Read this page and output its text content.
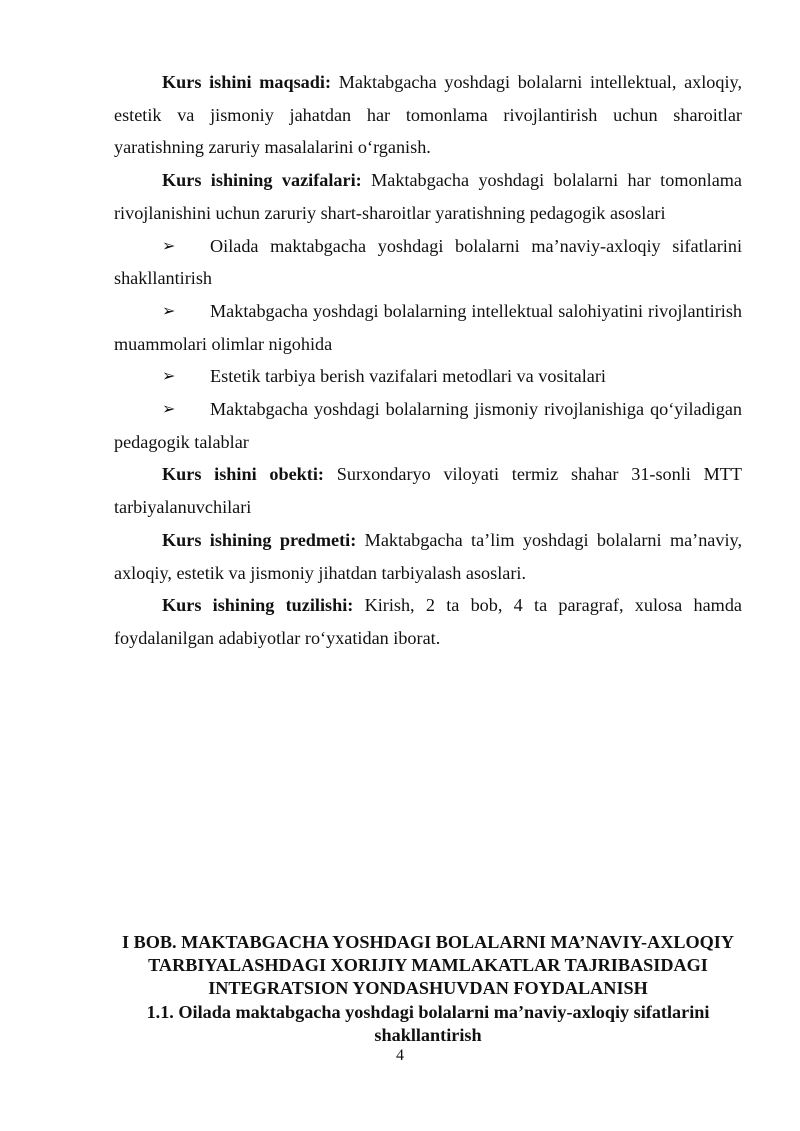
Kurs ishini maqsadi: Maktabgacha yoshdagi bolalarni intellektual, axloqiy, estetik va jismoniy jahatdan har tomonlama rivojlantirish uchun sharoitlar yaratishning zaruriy masalalarini o‘rganish.

Kurs ishining vazifalari: Maktabgacha yoshdagi bolalarni har tomonlama rivojlanishini uchun zaruriy shart-sharoitlar yaratishning pedagogik asoslari

➢ Oilada maktabgacha yoshdagi bolalarni ma’naviy-axloqiy sifatlarini shakllantirish

➢ Maktabgacha yoshdagi bolalarning intellektual salohiyatini rivojlantirish muammolari olimlar nigohida

➢ Estetik tarbiya berish vazifalari metodlari va vositalari

➢ Maktabgacha yoshdagi bolalarning jismoniy rivojlanishiga qo‘yiladigan pedagogik talablar

Kurs ishini obekti: Surxondaryo viloyati termiz shahar 31-sonli MTT tarbiyalanuvchilari

Kurs ishining predmeti: Maktabgacha ta’lim yoshdagi bolalarni ma’naviy, axloqiy, estetik va jismoniy jihatdan tarbiyalash asoslari.

Kurs ishining tuzilishi: Kirish, 2 ta bob, 4 ta paragraf, xulosa hamda foydalanilgan adabiyotlar ro‘yxatidan iborat.

I BOB. MAKTABGACHA YOSHDAGI BOLALARNI MA’NAVIY-AXLOQIY TARBIYALASHDAGI XORIJIY MAMLAKATLAR TAJRIBASIDAGI INTEGRATSION YONDASHUVDAN FOYDALANISH
1.1. Oilada maktabgacha yoshdagi bolalarni ma’naviy-axloqiy sifatlarini shakllantirish
4
